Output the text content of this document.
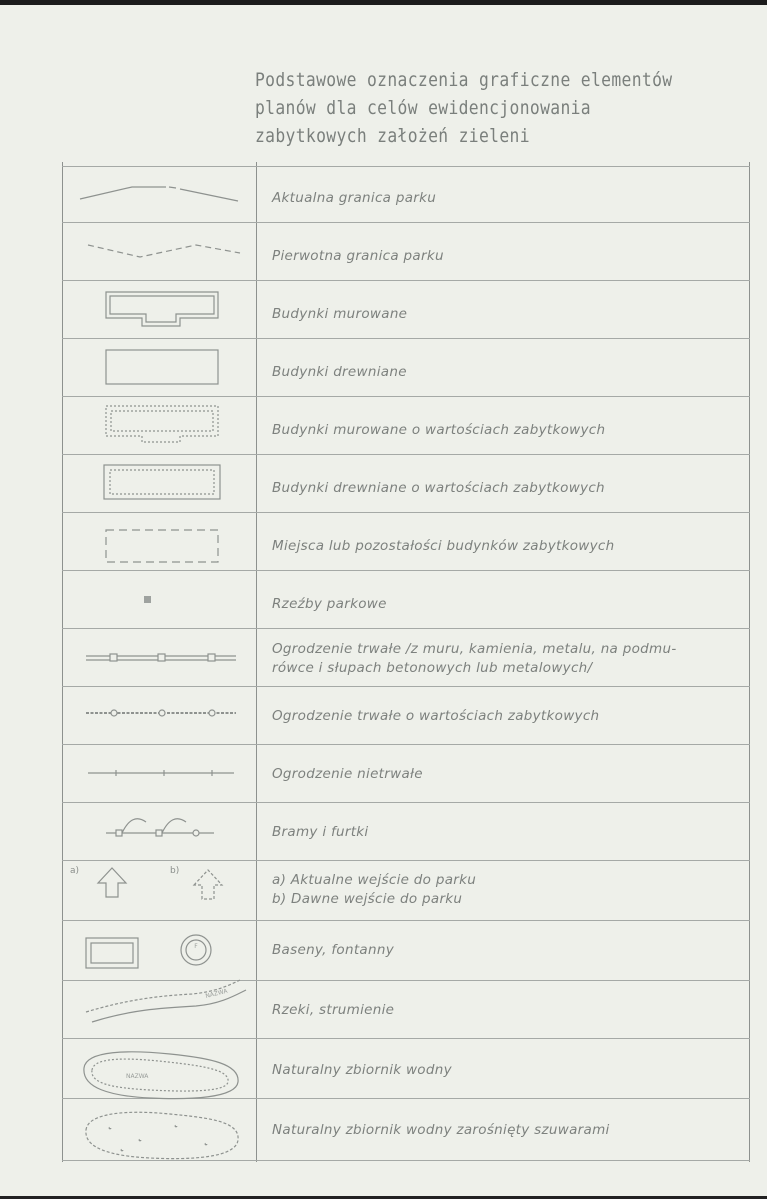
Podstawowe oznaczenia graficzne elementów
planów dla celów ewidencjonowania
zabytkowych założeń zieleni
F
NAZWA
NAZWA
a)	b)
Aktualna granica parku
Pierwotna granica parku
Budynki murowane
Budynki drewniane
Budynki murowane o wartościach zabytkowych
Budynki drewniane o wartościach zabytkowych
Miejsca lub pozostałości budynków zabytkowych
Rzeźby parkowe
Ogrodzenie trwałe /z muru, kamienia, metalu, na podmu-
rówce i słupach betonowych lub metalowych/
Ogrodzenie trwałe o wartościach zabytkowych
Ogrodzenie nietrwałe
Bramy i furtki
a) Aktualne wejście do parku
b) Dawne wejście do parku
Baseny, fontanny
Rzeki, strumienie
Naturalny zbiornik wodny
Naturalny zbiornik wodny zarośnięty szuwarami
